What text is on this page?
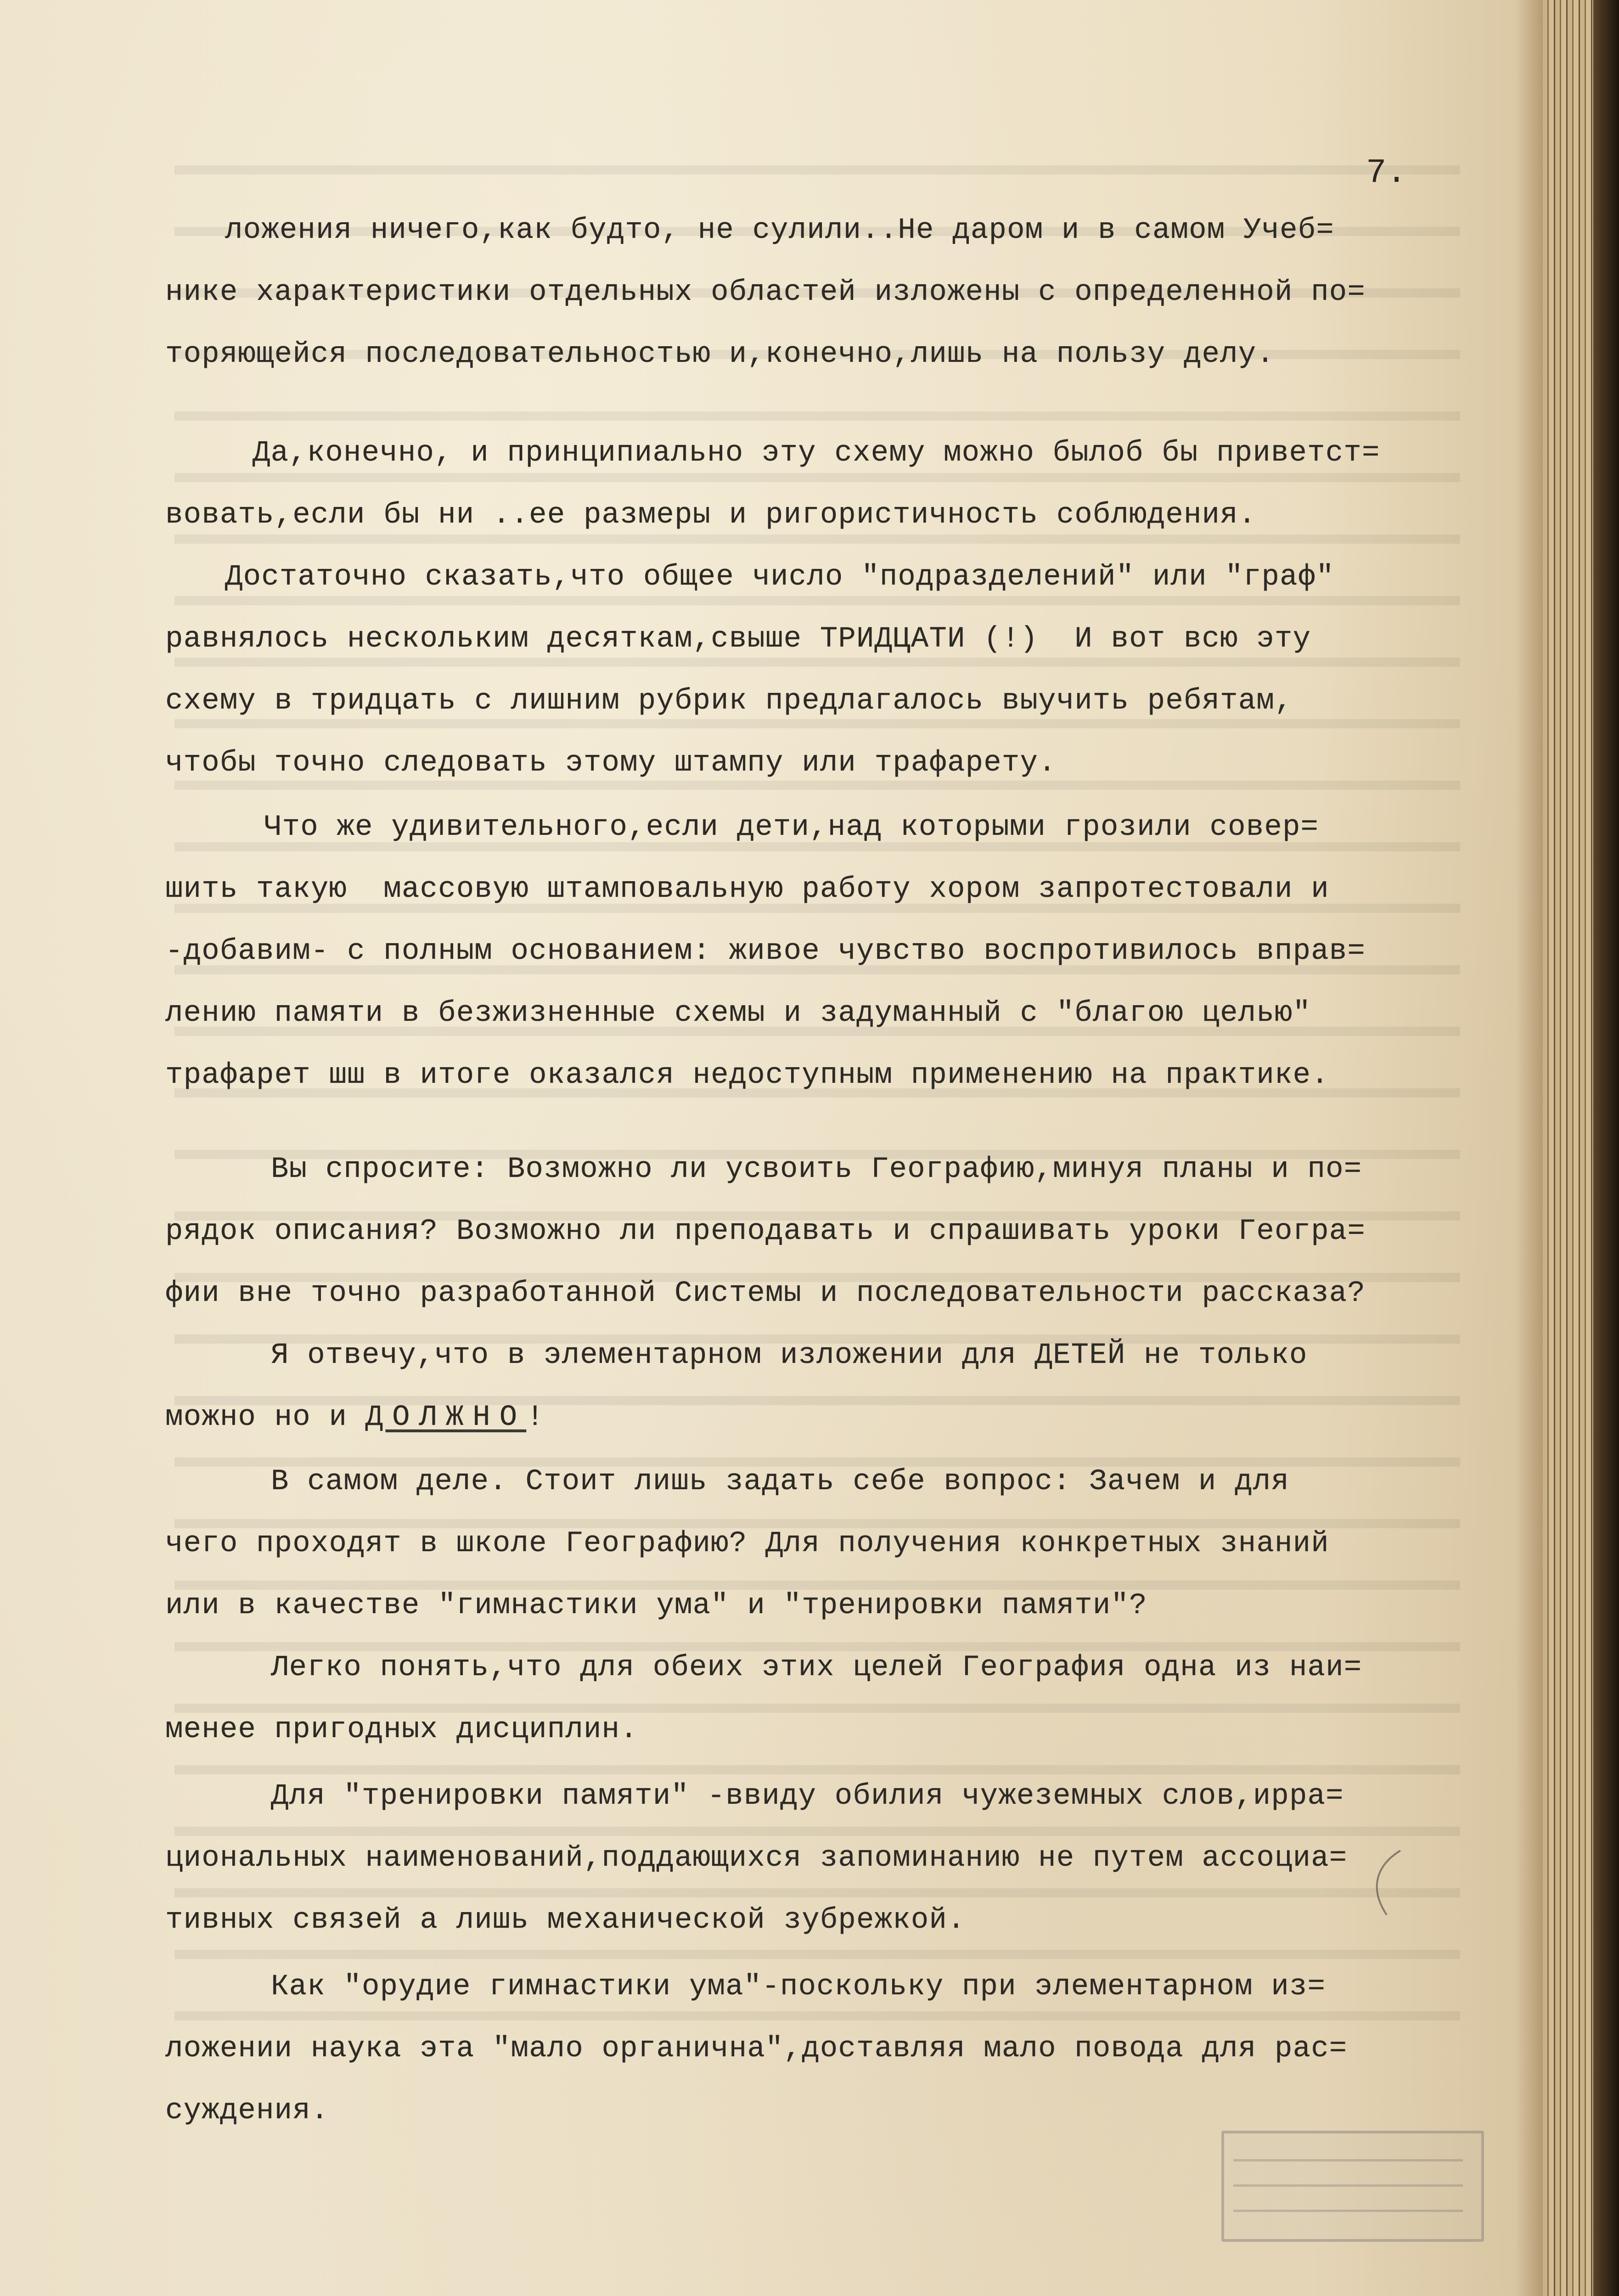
7.
ложения ничего,как будто, не сулили..Не даром и в самом Учеб=
нике характеристики отдельных областей изложены с определенной по=
торяющейся последовательностью и,конечно,лишь на пользу делу.
Да,конечно, и принципиально эту схему можно былоб бы приветст=
вовать,если бы ни ..ее размеры и ригористичность соблюдения.
Достаточно сказать,что общее число "подразделений" или "граф"
равнялось нескольким десяткам,свыше ТРИДЦАТИ (!)  И вот всю эту
схему в тридцать с лишним рубрик предлагалось выучить ребятам,
чтобы точно следовать этому штампу или трафарету.
Что же удивительного,если дети,над которыми грозили совер=
шить такую  массовую штамповальную работу хором запротестовали и
-добавим- с полным основанием: живое чувство воспротивилось вправ=
лению памяти в безжизненные схемы и задуманный с "благою целью"
трафарет шш в итоге оказался недоступным применению на практике.
Вы спросите: Возможно ли усвоить Географию,минуя планы и по=
рядок описания? Возможно ли преподавать и спрашивать уроки Геогра=
фии вне точно разработанной Системы и последовательности рассказа?
Я отвечу,что в элементарном изложении для ДЕТЕЙ не только
можно но и ДОЛЖНО!
В самом деле. Стоит лишь задать себе вопрос: Зачем и для
чего проходят в школе Географию? Для получения конкретных знаний
или в качестве "гимнастики ума" и "тренировки памяти"?
Легко понять,что для обеих этих целей География одна из наи=
менее пригодных дисциплин.
Для "тренировки памяти" -ввиду обилия чужеземных слов,ирра=
циональных наименований,поддающихся запоминанию не путем ассоциа=
тивных связей а лишь механической зубрежкой.
Как "орудие гимнастики ума"-поскольку при элементарном из=
ложении наука эта "мало органична",доставляя мало повода для рас=
суждения.
